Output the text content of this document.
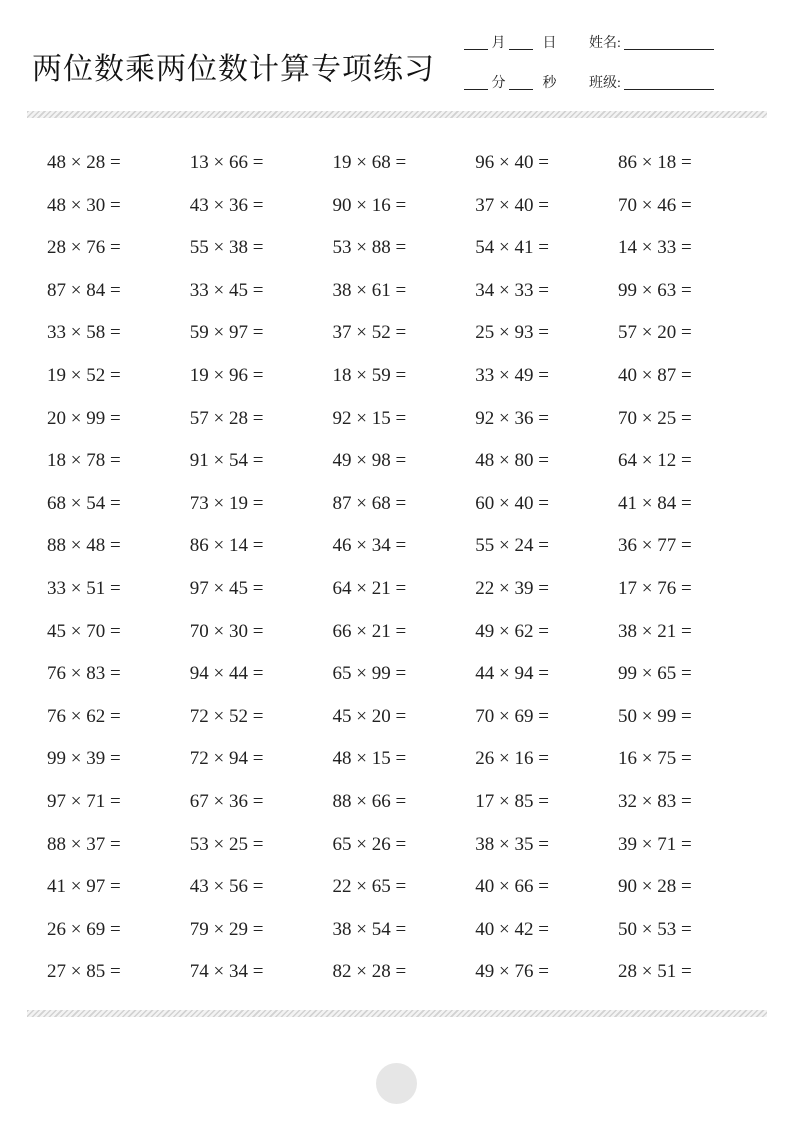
两位数乘两位数计算专项练习
月	日
分	秒
姓名:
班级:
48 × 28 =	13 × 66 =	19 × 68 =	96 × 40 =	86 × 18 =
48 × 30 =	43 × 36 =	90 × 16 =	37 × 40 =	70 × 46 =
28 × 76 =	55 × 38 =	53 × 88 =	54 × 41 =	14 × 33 =
87 × 84 =	33 × 45 =	38 × 61 =	34 × 33 =	99 × 63 =
33 × 58 =	59 × 97 =	37 × 52 =	25 × 93 =	57 × 20 =
19 × 52 =	19 × 96 =	18 × 59 =	33 × 49 =	40 × 87 =
20 × 99 =	57 × 28 =	92 × 15 =	92 × 36 =	70 × 25 =
18 × 78 =	91 × 54 =	49 × 98 =	48 × 80 =	64 × 12 =
68 × 54 =	73 × 19 =	87 × 68 =	60 × 40 =	41 × 84 =
88 × 48 =	86 × 14 =	46 × 34 =	55 × 24 =	36 × 77 =
33 × 51 =	97 × 45 =	64 × 21 =	22 × 39 =	17 × 76 =
45 × 70 =	70 × 30 =	66 × 21 =	49 × 62 =	38 × 21 =
76 × 83 =	94 × 44 =	65 × 99 =	44 × 94 =	99 × 65 =
76 × 62 =	72 × 52 =	45 × 20 =	70 × 69 =	50 × 99 =
99 × 39 =	72 × 94 =	48 × 15 =	26 × 16 =	16 × 75 =
97 × 71 =	67 × 36 =	88 × 66 =	17 × 85 =	32 × 83 =
88 × 37 =	53 × 25 =	65 × 26 =	38 × 35 =	39 × 71 =
41 × 97 =	43 × 56 =	22 × 65 =	40 × 66 =	90 × 28 =
26 × 69 =	79 × 29 =	38 × 54 =	40 × 42 =	50 × 53 =
27 × 85 =	74 × 34 =	82 × 28 =	49 × 76 =	28 × 51 =
